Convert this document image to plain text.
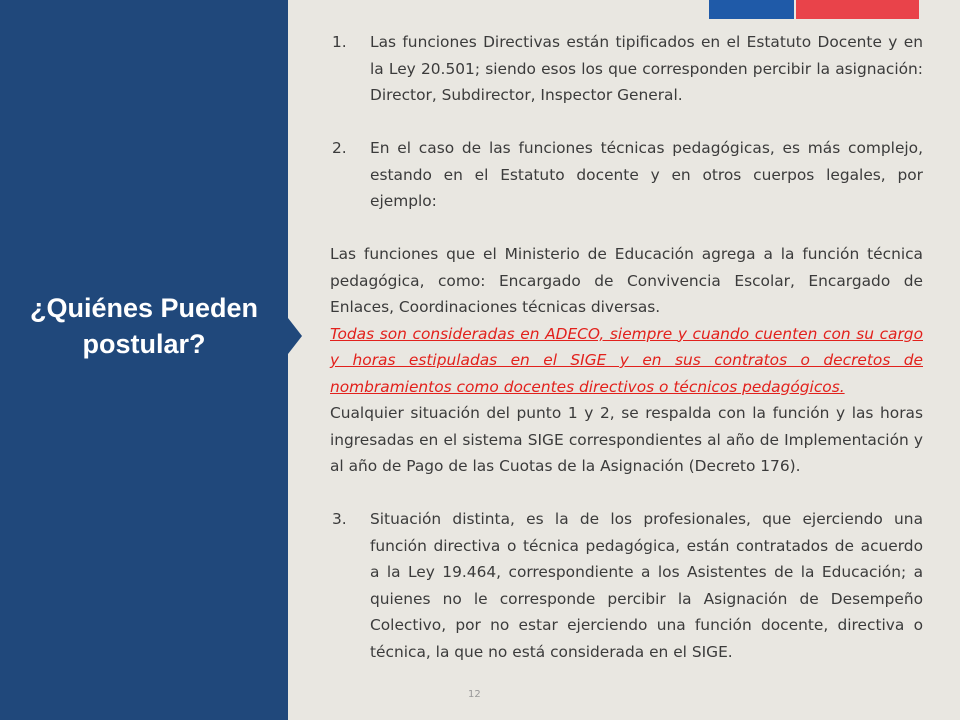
¿Quiénes Pueden postular?
1.	Las funciones Directivas están tipificados en el Estatuto Docente y en la Ley 20.501; siendo esos los que corresponden percibir la asignación: Director, Subdirector, Inspector General.
2.	En el caso de las funciones técnicas pedagógicas, es más complejo, estando en el Estatuto docente y en otros cuerpos legales, por ejemplo:

Las funciones que el Ministerio de Educación agrega a la función técnica pedagógica, como: Encargado de Convivencia Escolar, Encargado de Enlaces, Coordinaciones técnicas diversas.

Todas son consideradas en ADECO, siempre y cuando cuenten con su cargo y horas estipuladas en el SIGE y en sus contratos o decretos de nombramientos como docentes directivos o técnicos pedagógicos.

Cualquier situación del punto 1 y 2, se respalda con la función y las horas ingresadas en el sistema SIGE correspondientes al año de Implementación y al año de Pago de las Cuotas de la Asignación (Decreto 176).

3.	Situación distinta, es la de los profesionales, que ejerciendo una función directiva o técnica pedagógica, están contratados de acuerdo a la Ley 19.464, correspondiente a los Asistentes de la Educación; a quienes no le corresponde percibir la Asignación de Desempeño Colectivo, por no estar ejerciendo una función docente, directiva o técnica, la que no está considerada en el SIGE.
12
